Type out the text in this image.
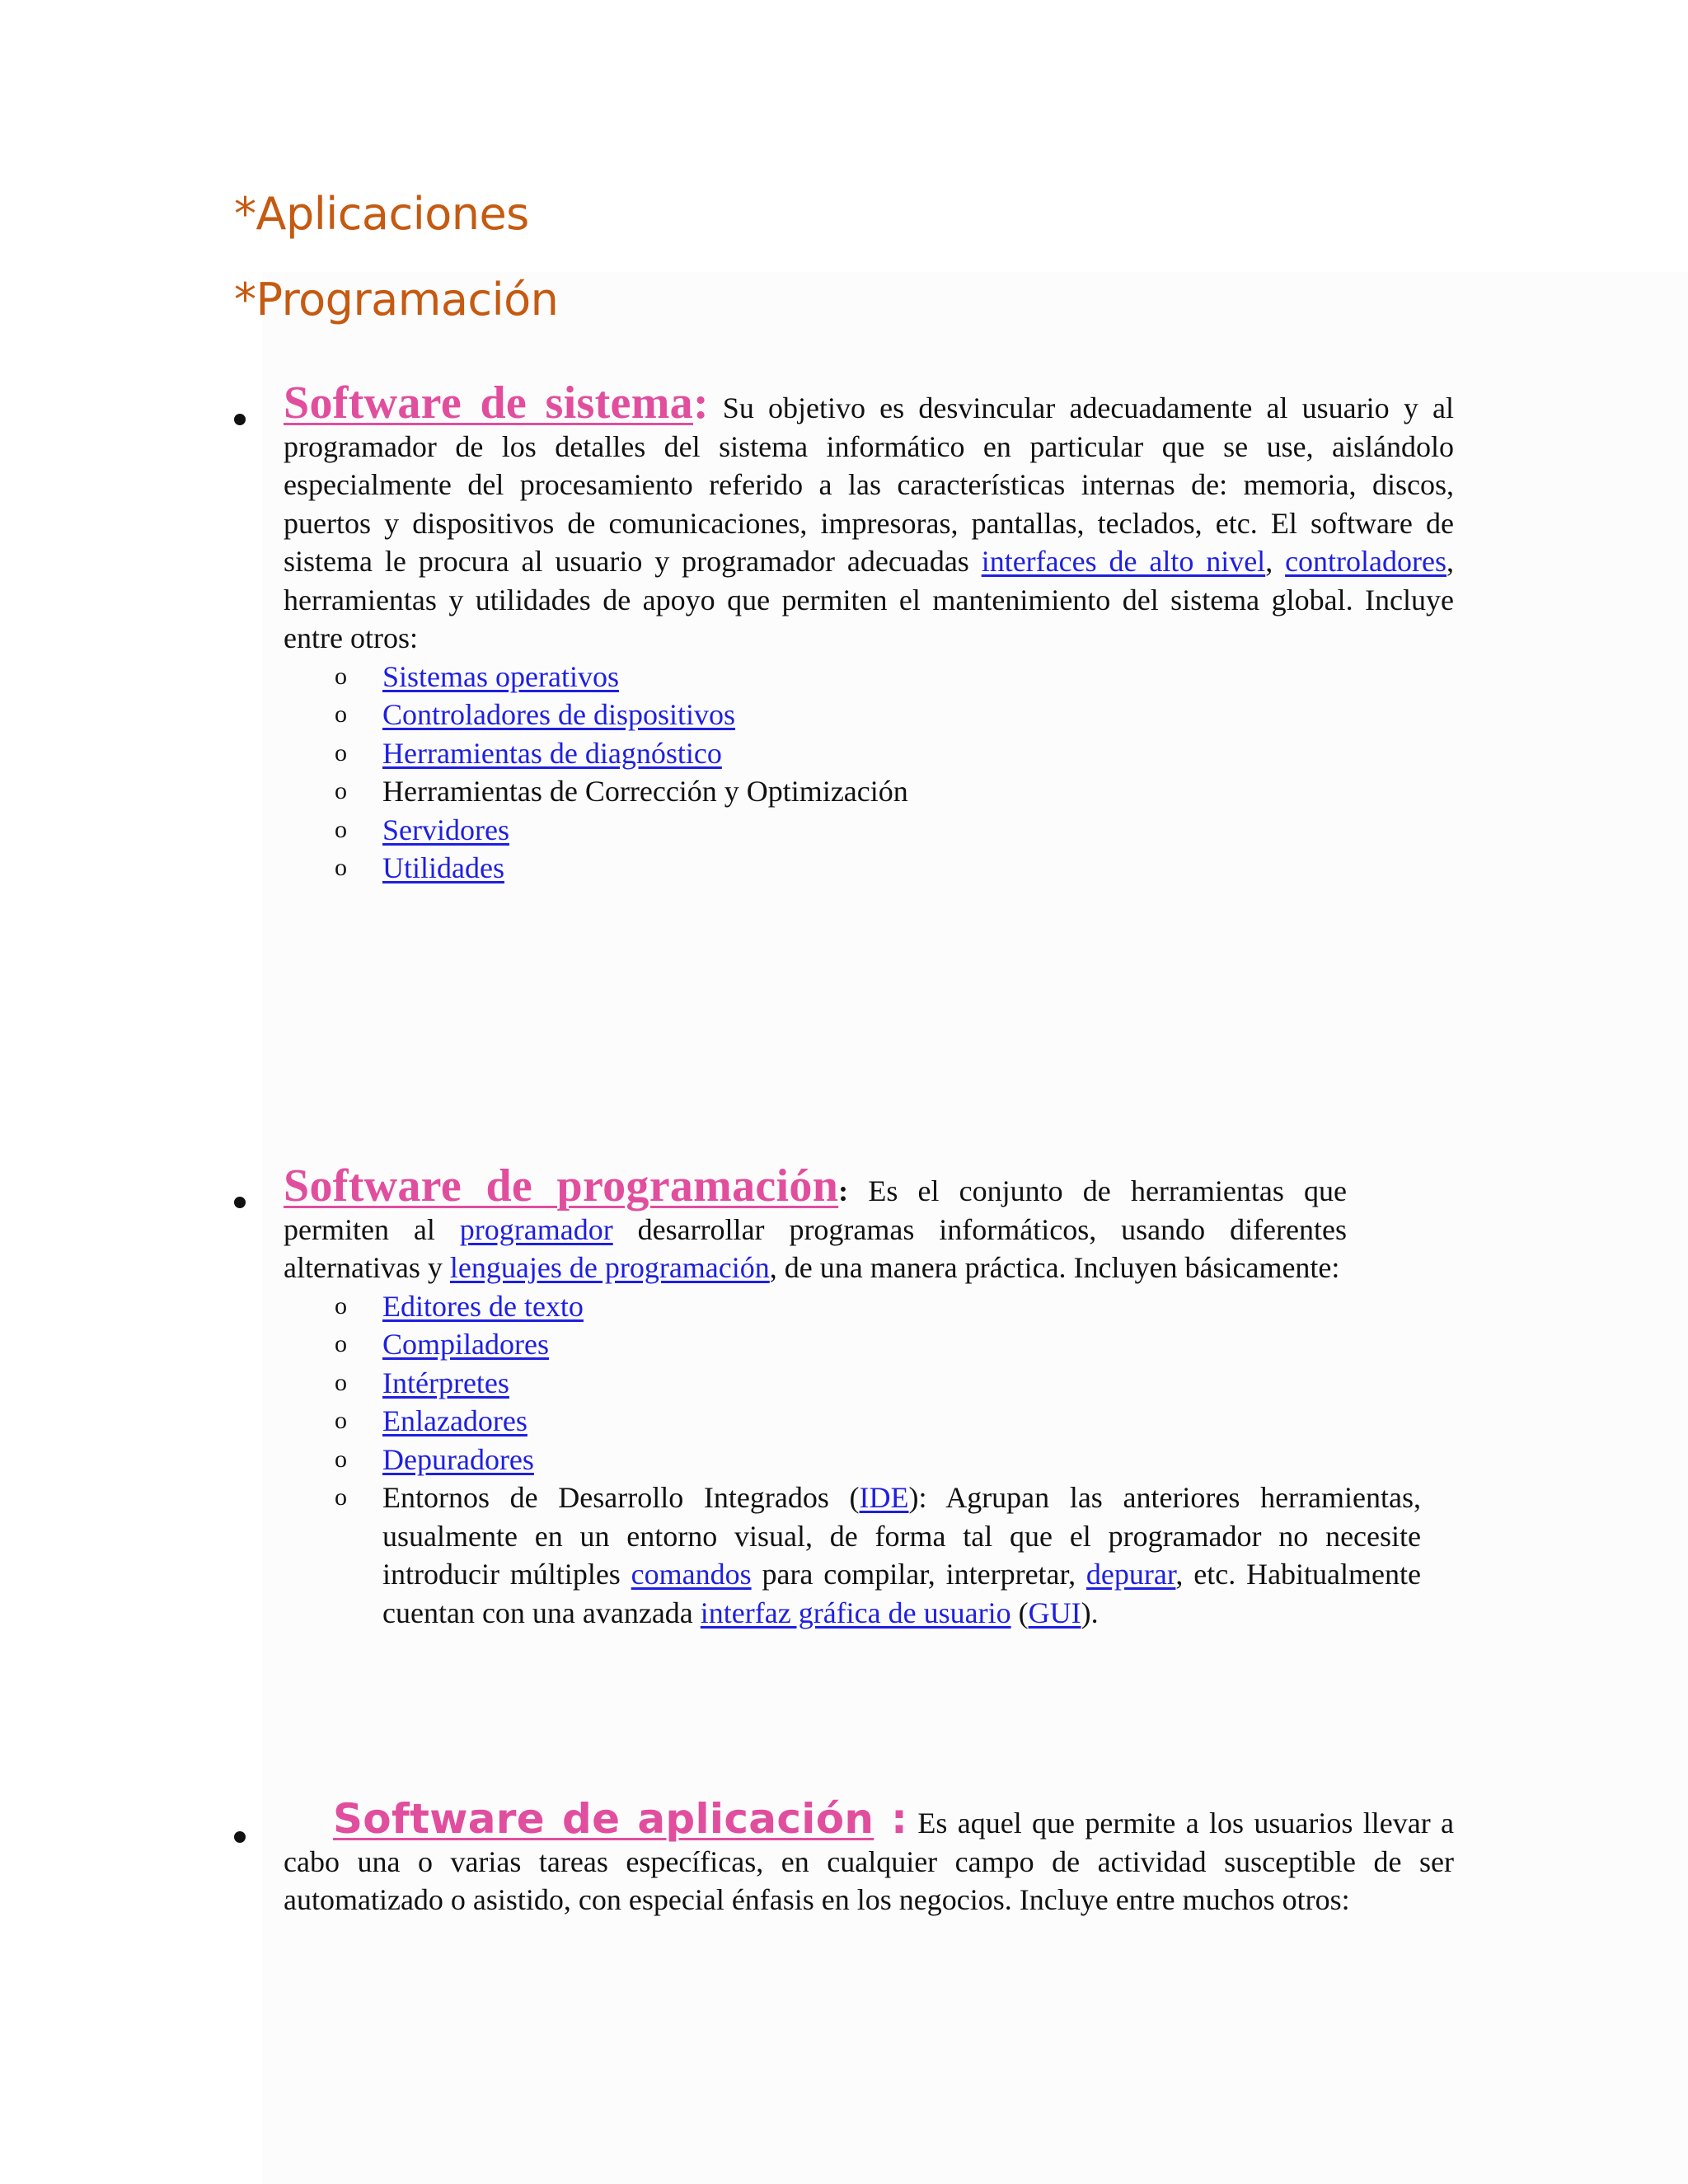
*Aplicaciones
*Programación
Software de sistema: Su objetivo es desvincular adecuadamente al usuario y al programador de los detalles del sistema informático en particular que se use, aislándolo especialmente del procesamiento referido a las características internas de: memoria, discos, puertos y dispositivos de comunicaciones, impresoras, pantallas, teclados, etc. El software de sistema le procura al usuario y programador adecuadas interfaces de alto nivel, controladores, herramientas y utilidades de apoyo que permiten el mantenimiento del sistema global. Incluye entre otros:
o Sistemas operativos
o Controladores de dispositivos
o Herramientas de diagnóstico
o Herramientas de Corrección y Optimización
o Servidores
o Utilidades
Software de programación: Es el conjunto de herramientas que permiten al programador desarrollar programas informáticos, usando diferentes alternativas y lenguajes de programación, de una manera práctica. Incluyen básicamente:
o Editores de texto
o Compiladores
o Intérpretes
o Enlazadores
o Depuradores
o Entornos de Desarrollo Integrados (IDE): Agrupan las anteriores herramientas, usualmente en un entorno visual, de forma tal que el programador no necesite introducir múltiples comandos para compilar, interpretar, depurar, etc. Habitualmente cuentan con una avanzada interfaz gráfica de usuario (GUI).
Software de aplicación : Es aquel que permite a los usuarios llevar a cabo una o varias tareas específicas, en cualquier campo de actividad susceptible de ser automatizado o asistido, con especial énfasis en los negocios. Incluye entre muchos otros:
